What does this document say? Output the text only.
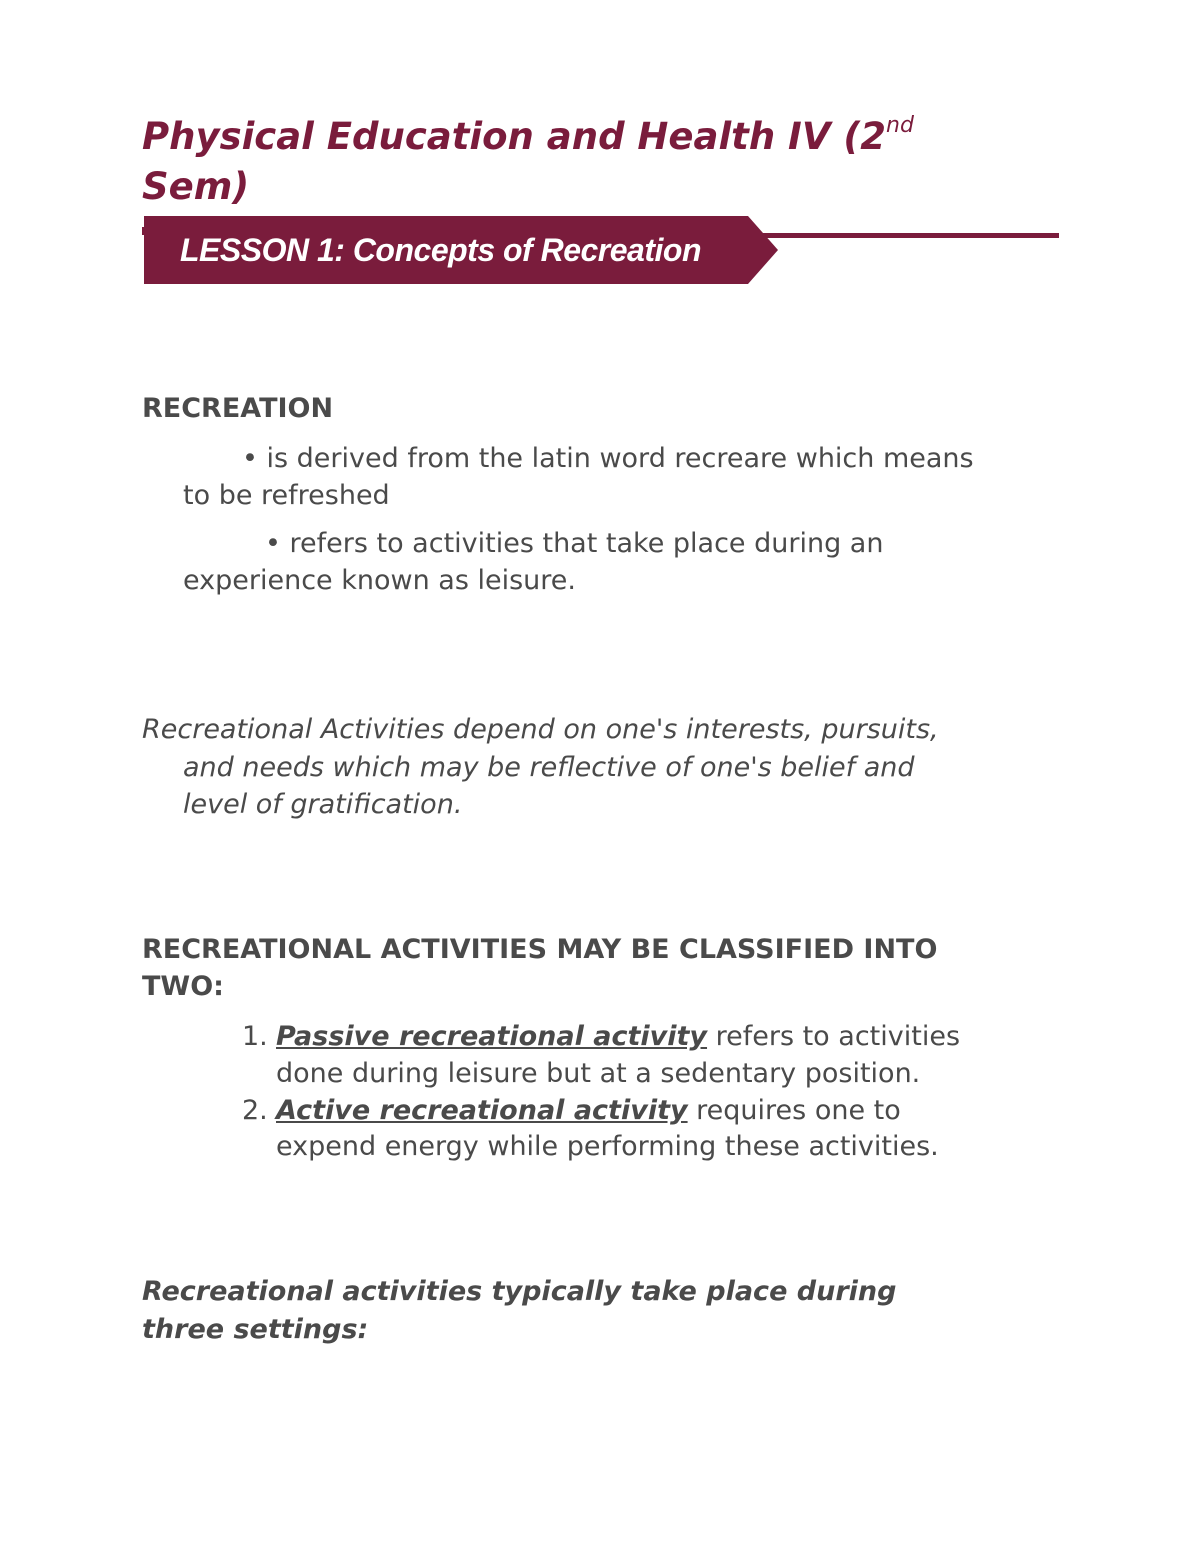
Physical Education and Health IV (2nd
Sem)
LESSON 1: Concepts of Recreation
RECREATION

• is derived from the latin word recreare which means

to be refreshed

• refers to activities that take place during an

experience known as leisure.

Recreational Activities depend on one's interests, pursuits,

and needs which may be reflective of one's belief and

level of gratification.

RECREATIONAL ACTIVITIES MAY BE CLASSIFIED INTO
TWO:
1. Passive recreational activity refers to activities

done during leisure but at a sedentary position.

2. Active recreational activity requires one to

expend energy while performing these activities.

Recreational activities typically take place during

three settings:
